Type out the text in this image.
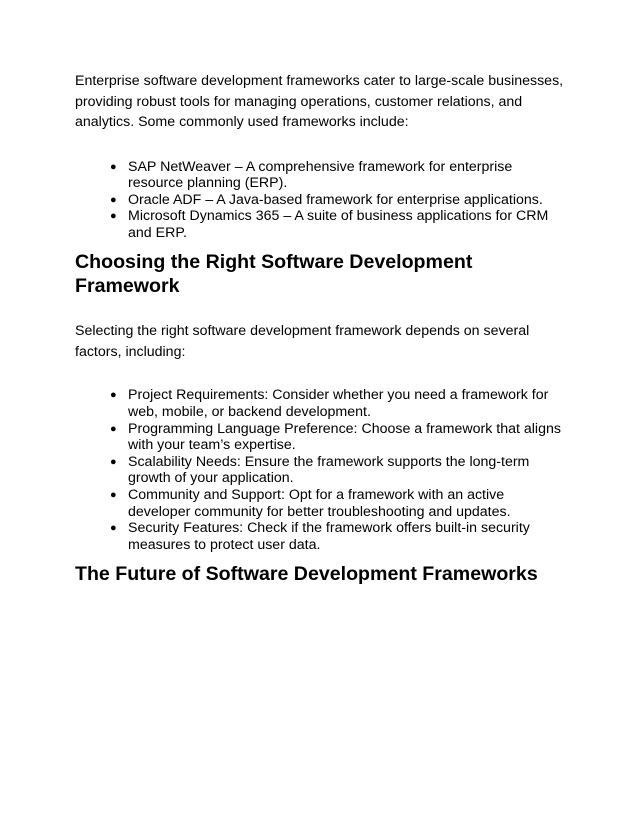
Enterprise software development frameworks cater to large-scale businesses, providing robust tools for managing operations, customer relations, and analytics. Some commonly used frameworks include:

● SAP NetWeaver – A comprehensive framework for enterprise resource planning (ERP).
● Oracle ADF – A Java-based framework for enterprise applications.
● Microsoft Dynamics 365 – A suite of business applications for CRM and ERP.
Choosing the Right Software Development Framework

Selecting the right software development framework depends on several factors, including:

● Project Requirements: Consider whether you need a framework for web, mobile, or backend development.
● Programming Language Preference: Choose a framework that aligns with your team’s expertise.
● Scalability Needs: Ensure the framework supports the long-term growth of your application.
● Community and Support: Opt for a framework with an active developer community for better troubleshooting and updates.
● Security Features: Check if the framework offers built-in security measures to protect user data.
The Future of Software Development Frameworks
